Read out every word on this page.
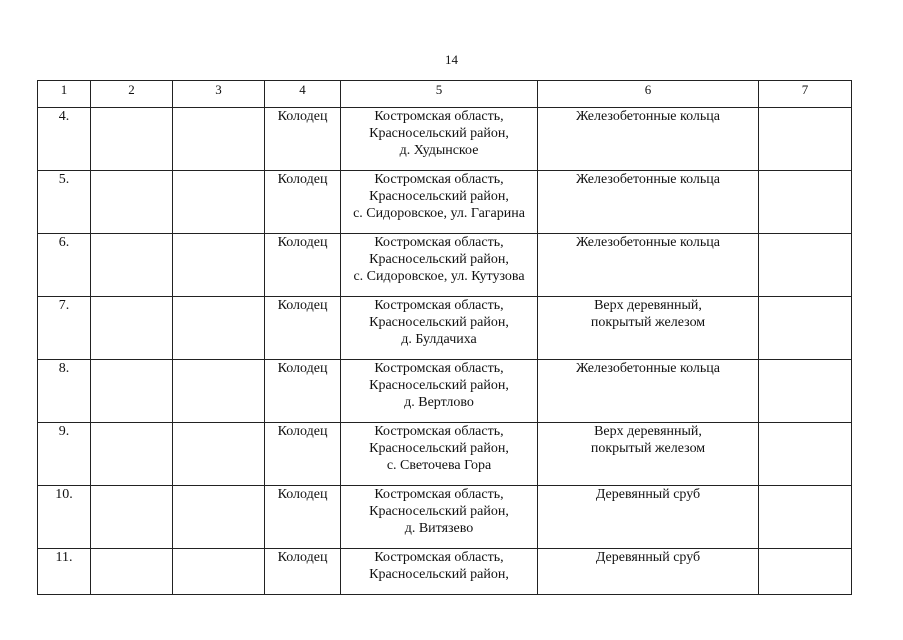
14
1	2	3	4	5	6	7
4.			Колодец	Костромская область,
Красносельский район,
д. Худынское	Железобетонные кольца	

5.			Колодец	Костромская область,
Красносельский район,
с. Сидоровское, ул. Гагарина	Железобетонные кольца	

6.			Колодец	Костромская область,
Красносельский район,
с. Сидоровское, ул. Кутузова	Железобетонные кольца	

7.			Колодец	Костромская область,
Красносельский район,
д. Булдачиха	Верх деревянный,
покрытый железом	

8.			Колодец	Костромская область,
Красносельский район,
д. Вертлово	Железобетонные кольца	

9.			Колодец	Костромская область,
Красносельский район,
с. Светочева Гора	Верх деревянный,
покрытый железом	

10.			Колодец	Костромская область,
Красносельский район,
д. Витязево	Деревянный сруб	

11.			Колодец	Костромская область,
Красносельский район,	Деревянный сруб	
